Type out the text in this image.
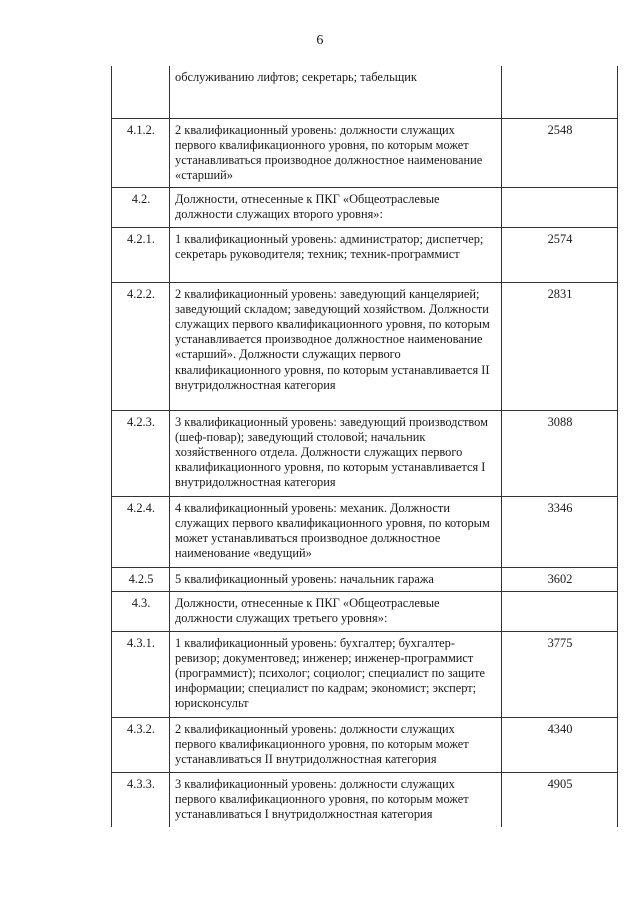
6
	обслуживанию лифтов; секретарь; табельщик	
4.1.2.	2 квалификационный уровень: должности служащих первого квалификационного уровня, по которым может устанавливаться производное должностное наименование «старший»	2548
4.2.	Должности, отнесенные к ПКГ «Общеотраслевые должности служащих второго уровня»:	
4.2.1.	1 квалификационный уровень: администратор; диспетчер; секретарь руководителя; техник; техник-программист	2574
4.2.2.	2 квалификационный уровень: заведующий канцелярией; заведующий складом; заведующий хозяйством. Должности служащих первого квалификационного уровня, по которым устанавливается производное должностное наименование «старший». Должности служащих первого квалификационного уровня, по которым устанавливается II внутридолжностная категория	2831
4.2.3.	3 квалификационный уровень: заведующий производством (шеф-повар); заведующий столовой; начальник хозяйственного отдела. Должности служащих первого квалификационного уровня, по которым устанавливается I внутридолжностная категория	3088
4.2.4.	4 квалификационный уровень: механик. Должности служащих первого квалификационного уровня, по которым может устанавливаться производное должностное наименование «ведущий»	3346
4.2.5	5 квалификационный уровень: начальник гаража	3602
4.3.	Должности, отнесенные к ПКГ «Общеотраслевые должности служащих третьего уровня»:	
4.3.1.	1 квалификационный уровень: бухгалтер; бухгалтер-ревизор; документовед; инженер; инженер-программист (программист); психолог; социолог; специалист по защите информации; специалист по кадрам; экономист; эксперт; юрисконсульт	3775
4.3.2.	2 квалификационный уровень: должности служащих первого квалификационного уровня, по которым может устанавливаться II внутридолжностная категория	4340
4.3.3.	3 квалификационный уровень: должности служащих первого квалификационного уровня, по которым может устанавливаться I внутридолжностная категория	4905
